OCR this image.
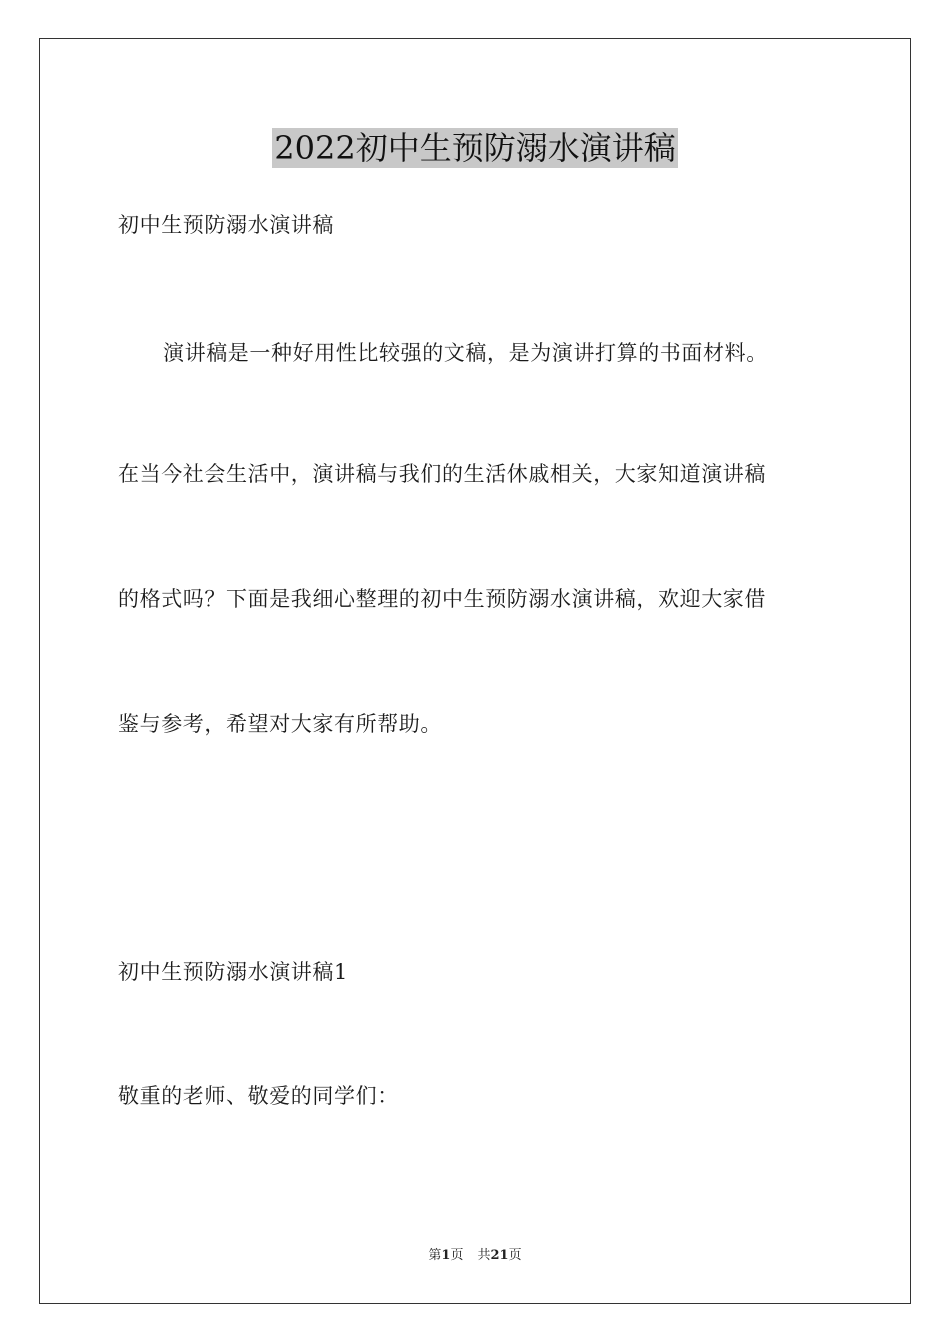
2022初中生预防溺水演讲稿
初中生预防溺水演讲稿
演讲稿是一种好用性比较强的文稿，是为演讲打算的书面材料。
在当今社会生活中，演讲稿与我们的生活休戚相关，大家知道演讲稿
的格式吗？下面是我细心整理的初中生预防溺水演讲稿，欢迎大家借
鉴与参考，希望对大家有所帮助。
初中生预防溺水演讲稿1
敬重的老师、敬爱的同学们：
第1页 共21页
